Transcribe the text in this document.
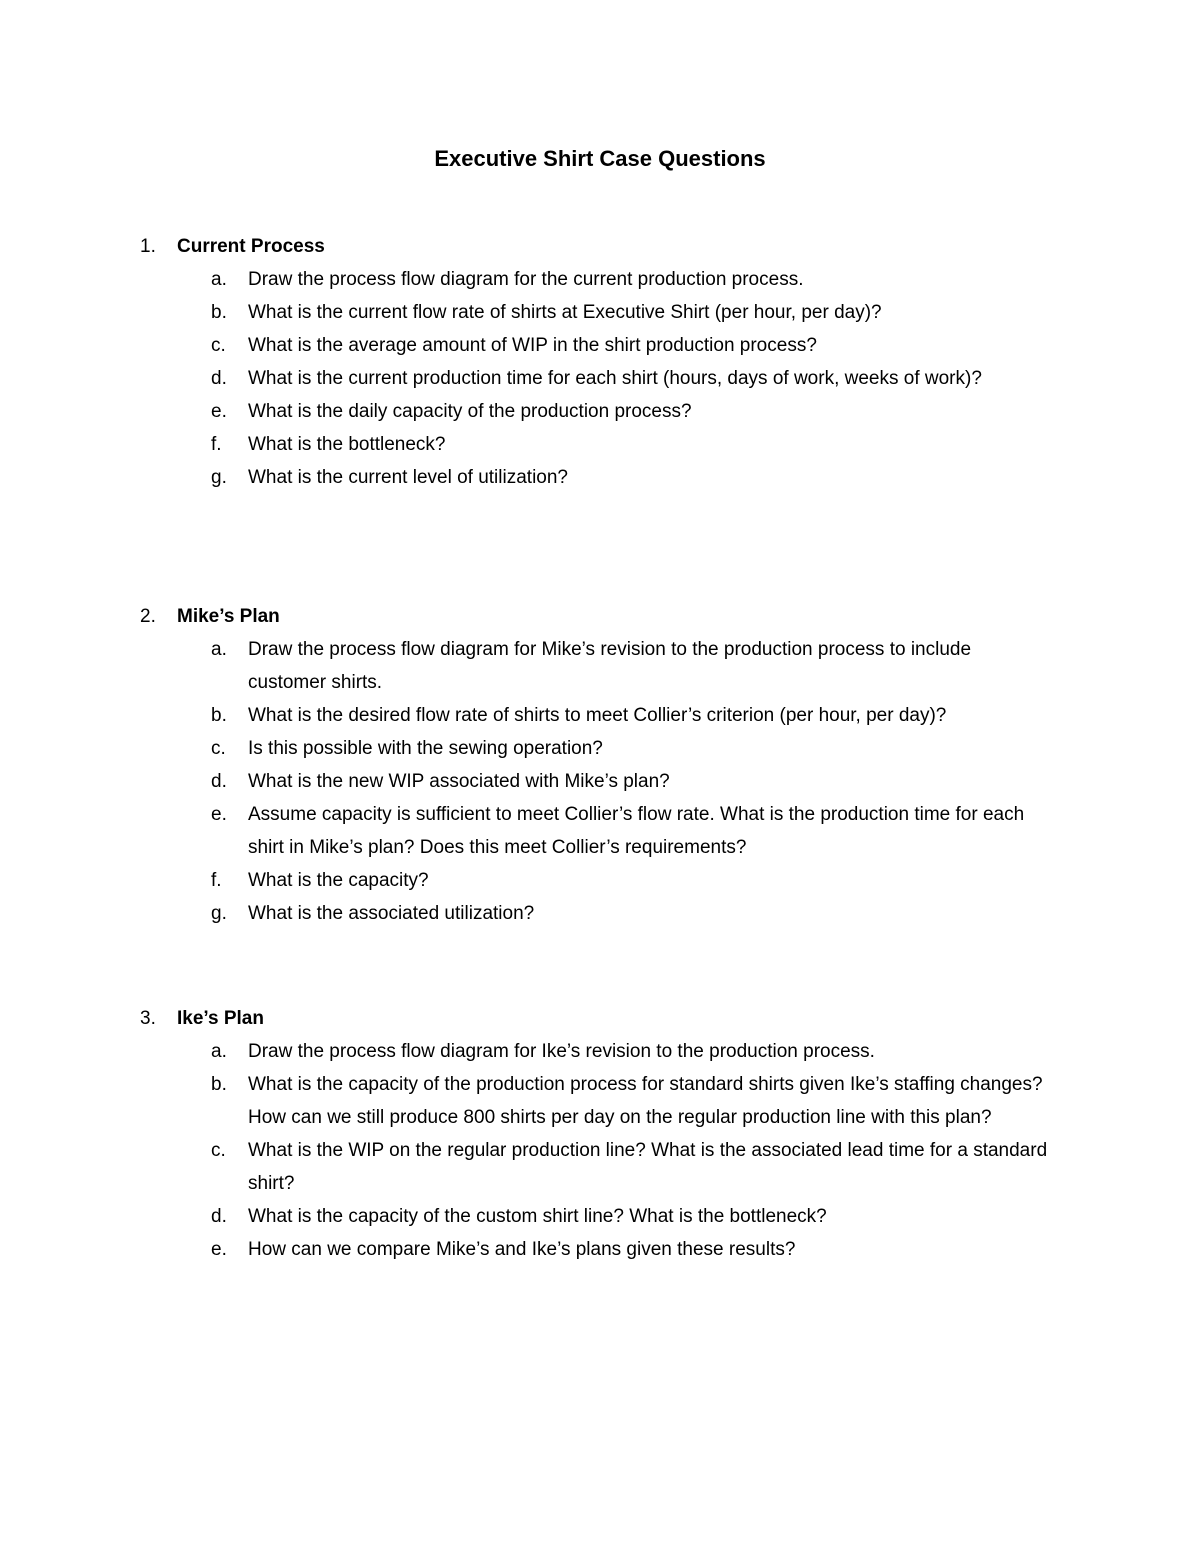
Executive Shirt Case Questions
1.	Current Process
a.	Draw the process flow diagram for the current production process.
b.	What is the current flow rate of shirts at Executive Shirt (per hour, per day)?
c.	What is the average amount of WIP in the shirt production process?
d.	What is the current production time for each shirt (hours, days of work, weeks of work)?
e.	What is the daily capacity of the production process?
f.	What is the bottleneck?
g.	What is the current level of utilization?
2.	Mike’s Plan
a.	Draw the process flow diagram for Mike’s revision to the production process to include customer shirts.
b.	What is the desired flow rate of shirts to meet Collier’s criterion (per hour, per day)?
c.	Is this possible with the sewing operation?
d.	What is the new WIP associated with Mike’s plan?
e.	Assume capacity is sufficient to meet Collier’s flow rate. What is the production time for each shirt in Mike’s plan? Does this meet Collier’s requirements?
f.	What is the capacity?
g.	What is the associated utilization?
3.	Ike’s Plan
a.	Draw the process flow diagram for Ike’s revision to the production process.
b.	What is the capacity of the production process for standard shirts given Ike’s staffing changes? How can we still produce 800 shirts per day on the regular production line with this plan?
c.	What is the WIP on the regular production line? What is the associated lead time for a standard shirt?
d.	What is the capacity of the custom shirt line? What is the bottleneck?
e.	How can we compare Mike’s and Ike’s plans given these results?
